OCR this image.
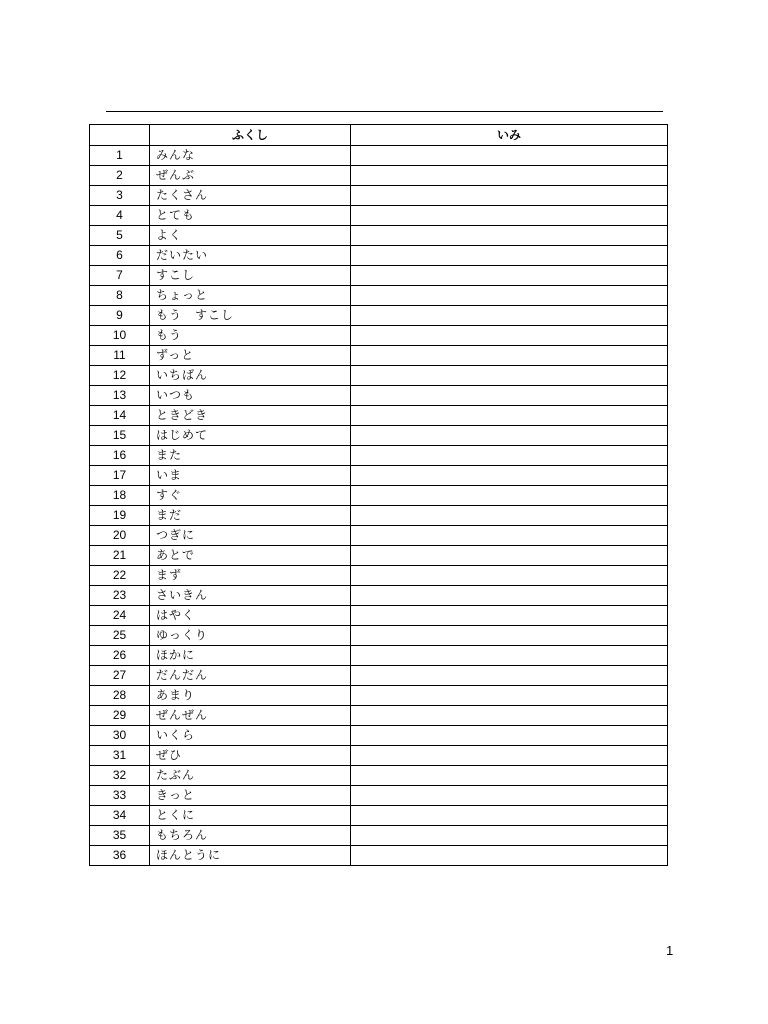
	ふくし	いみ
1	みんな	
2	ぜんぶ	
3	たくさん	
4	とても	
5	よく	
6	だいたい	
7	すこし	
8	ちょっと	
9	もう　すこし	
10	もう	
11	ずっと	
12	いちばん	
13	いつも	
14	ときどき	
15	はじめて	
16	また	
17	いま	
18	すぐ	
19	まだ	
20	つぎに	
21	あとで	
22	まず	
23	さいきん	
24	はやく	
25	ゆっくり	
26	ほかに	
27	だんだん	
28	あまり	
29	ぜんぜん	
30	いくら	
31	ぜひ	
32	たぶん	
33	きっと	
34	とくに	
35	もちろん	
36	ほんとうに	
1
